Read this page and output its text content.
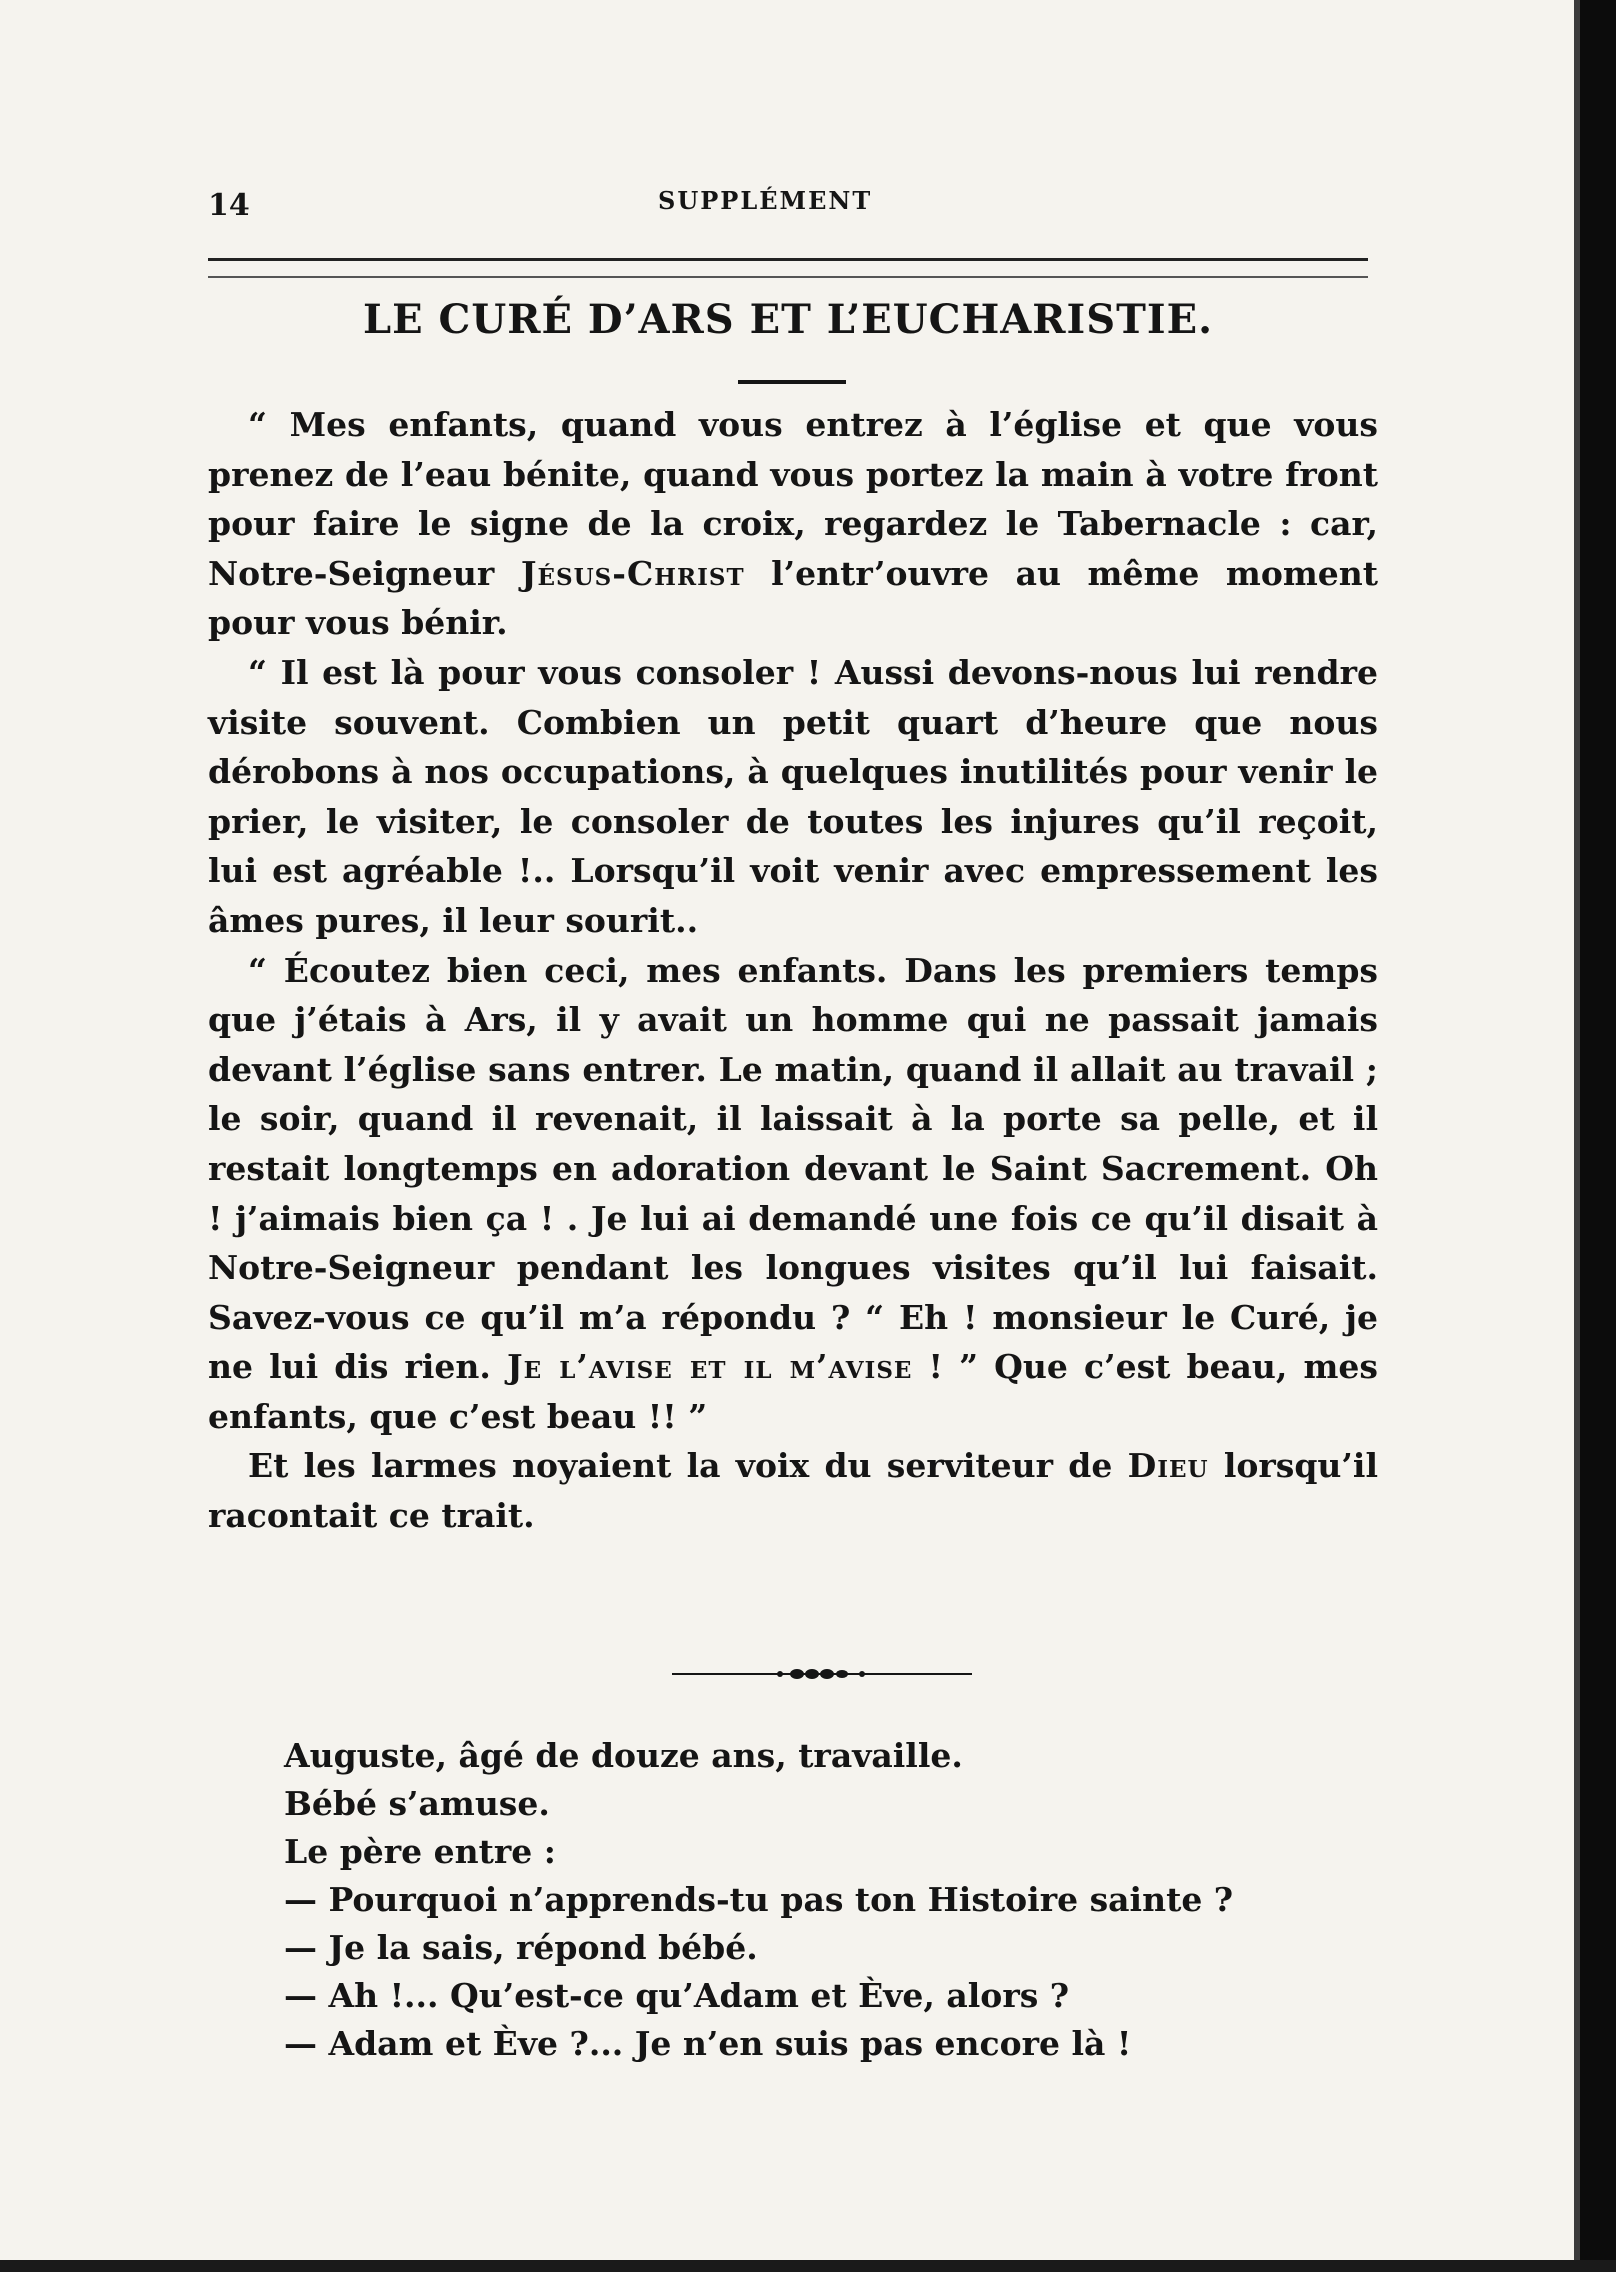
14	SUPPLÉMENT
LE CURÉ D’ARS ET L’EUCHARISTIE.

“ Mes enfants, quand vous entrez à l’église et que vous prenez de l’eau bénite, quand vous portez la main à votre front pour faire le signe de la croix, regardez le Tabernacle : car, Notre-Seigneur Jésus-Christ l’entr’ouvre au même moment pour vous bénir.

“ Il est là pour vous consoler ! Aussi devons-nous lui rendre visite souvent. Combien un petit quart d’heure que nous dérobons à nos occupations, à quelques inutilités pour venir le prier, le visiter, le consoler de toutes les injures qu’il reçoit, lui est agréable !.. Lorsqu’il voit venir avec empressement les âmes pures, il leur sourit..

“ Écoutez bien ceci, mes enfants. Dans les premiers temps que j’étais à Ars, il y avait un homme qui ne passait jamais devant l’église sans entrer. Le matin, quand il allait au travail ; le soir, quand il revenait, il laissait à la porte sa pelle, et il restait longtemps en adoration devant le Saint Sacrement. Oh ! j’aimais bien ça ! . Je lui ai demandé une fois ce qu’il disait à Notre-Seigneur pendant les longues visites qu’il lui faisait. Savez-vous ce qu’il m’a répondu ? “ Eh ! monsieur le Curé, je ne lui dis rien. Je l’avise et il m’avise ! ” Que c’est beau, mes enfants, que c’est beau !! ”

Et les larmes noyaient la voix du serviteur de Dieu lorsqu’il racontait ce trait.

Auguste, âgé de douze ans, travaille.
Bébé s’amuse.
Le père entre :
— Pourquoi n’apprends-tu pas ton Histoire sainte ?
— Je la sais, répond bébé.
— Ah !... Qu’est-ce qu’Adam et Ève, alors ?
— Adam et Ève ?... Je n’en suis pas encore là !
